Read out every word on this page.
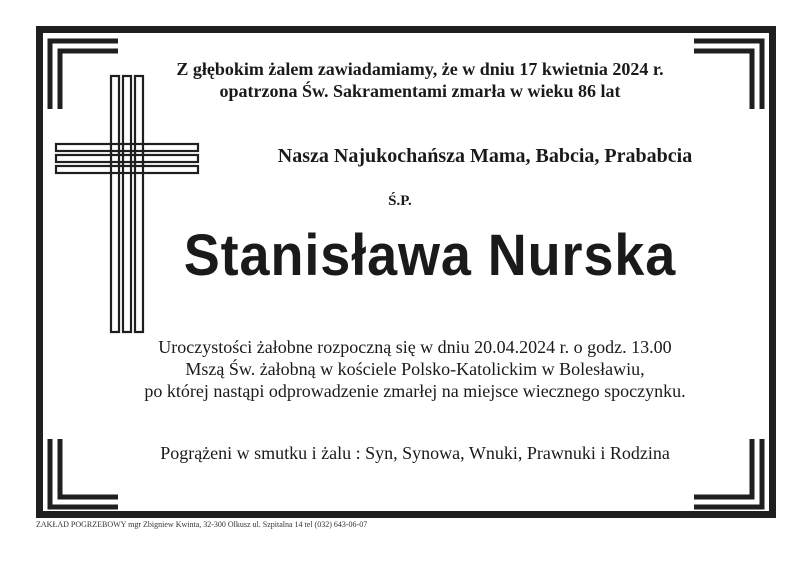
Z głębokim żalem zawiadamiamy, że w dniu 17 kwietnia 2024 r.
opatrzona Św. Sakramentami zmarła w wieku 86 lat
Nasza Najukochańsza Mama, Babcia, Prababcia
Ś.P.
Stanisława Nurska
Uroczystości żałobne rozpoczną się w dniu 20.04.2024 r. o godz. 13.00
Mszą Św. żałobną w kościele Polsko-Katolickim w Bolesławiu,
po której nastąpi odprowadzenie zmarłej na miejsce wiecznego spoczynku.
Pogrążeni w smutku i żalu : Syn, Synowa, Wnuki, Prawnuki i Rodzina
ZAKŁAD POGRZEBOWY mgr Zbigniew Kwinta, 32-300 Olkusz ul. Szpitalna 14 tel (032) 643-06-07
